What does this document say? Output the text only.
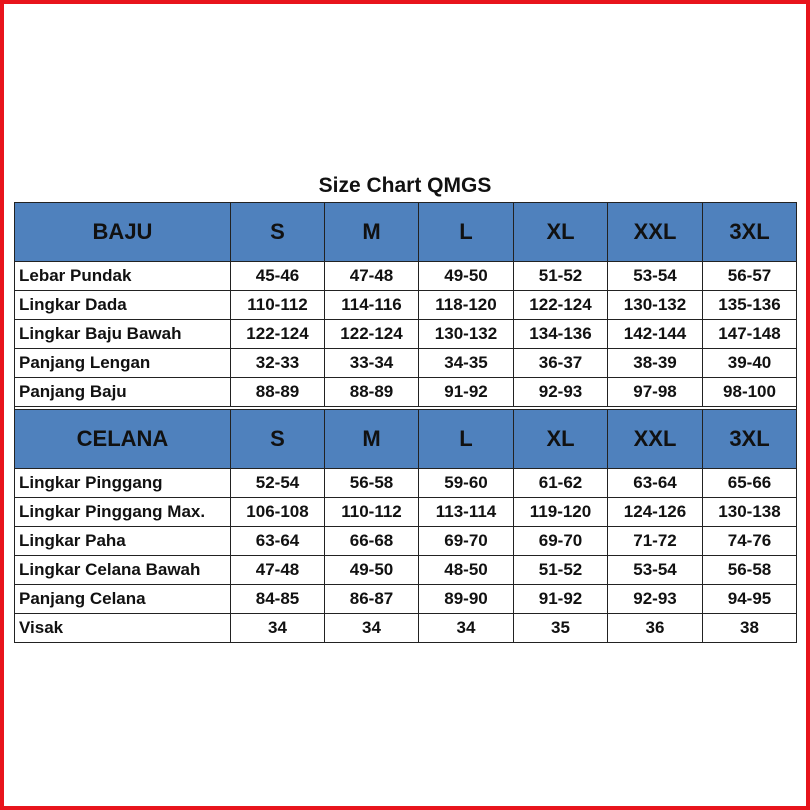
Size Chart QMGS
BAJU	S	M	L	XL	XXL	3XL
Lebar Pundak	45-46	47-48	49-50	51-52	53-54	56-57
Lingkar Dada	110-112	114-116	118-120	122-124	130-132	135-136
Lingkar Baju Bawah	122-124	122-124	130-132	134-136	142-144	147-148
Panjang Lengan	32-33	33-34	34-35	36-37	38-39	39-40
Panjang Baju	88-89	88-89	91-92	92-93	97-98	98-100

CELANA	S	M	L	XL	XXL	3XL
Lingkar Pinggang	52-54	56-58	59-60	61-62	63-64	65-66
Lingkar Pinggang Max.	106-108	110-112	113-114	119-120	124-126	130-138
Lingkar Paha	63-64	66-68	69-70	69-70	71-72	74-76
Lingkar Celana Bawah	47-48	49-50	48-50	51-52	53-54	56-58
Panjang Celana	84-85	86-87	89-90	91-92	92-93	94-95
Visak	34	34	34	35	36	38
